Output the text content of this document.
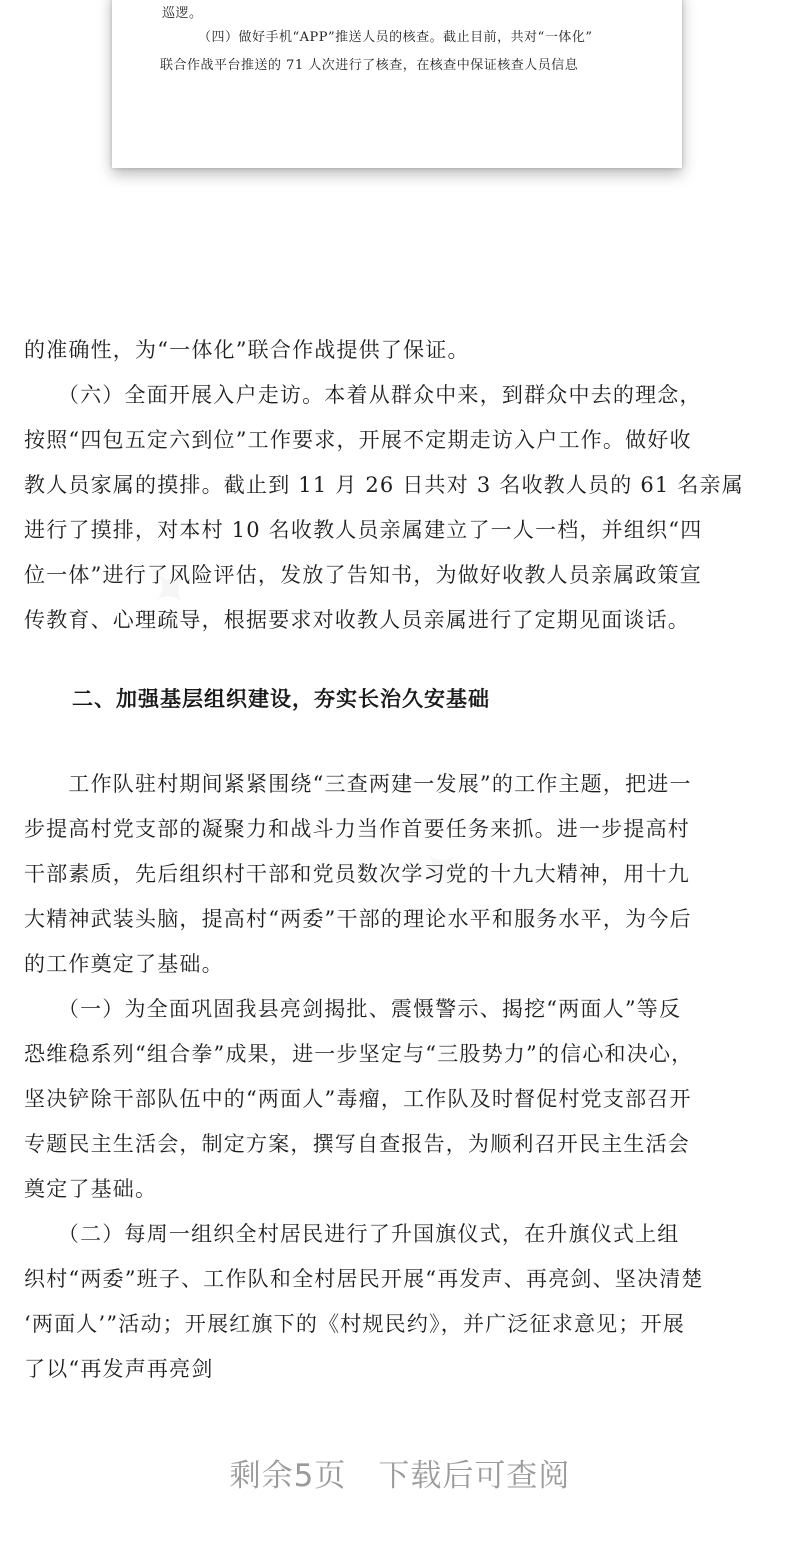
巡逻。
（四）做好手机“APP”推送人员的核查。截止目前，共对“一体化”
联合作战平台推送的 71 人次进行了核查，在核查中保证核查人员信息
的准确性，为“一体化”联合作战提供了保证。
　　（六）全面开展入户走访。本着从群众中来，到群众中去的理念，
按照“四包五定六到位”工作要求，开展不定期走访入户工作。做好收
教人员家属的摸排。截止到 11 月 26 日共对 3 名收教人员的 61 名亲属
进行了摸排，对本村 10 名收教人员亲属建立了一人一档，并组织“四
位一体”进行了风险评估，发放了告知书，为做好收教人员亲属政策宣
传教育、心理疏导，根据要求对收教人员亲属进行了定期见面谈话。
二、加强基层组织建设，夯实长治久安基础
　　工作队驻村期间紧紧围绕“三查两建一发展”的工作主题，把进一
步提高村党支部的凝聚力和战斗力当作首要任务来抓。进一步提高村
干部素质，先后组织村干部和党员数次学习党的十九大精神，用十九
大精神武装头脑，提高村“两委”干部的理论水平和服务水平，为今后
的工作奠定了基础。
　　（一）为全面巩固我县亮剑揭批、震慑警示、揭挖“两面人”等反
恐维稳系列“组合拳”成果，进一步坚定与“三股势力”的信心和决心，
坚决铲除干部队伍中的“两面人”毒瘤，工作队及时督促村党支部召开
专题民主生活会，制定方案，撰写自查报告，为顺利召开民主生活会
奠定了基础。
　　（二）每周一组织全村居民进行了升国旗仪式，在升旗仪式上组
织村“两委”班子、工作队和全村居民开展“再发声、再亮剑、坚决清楚
‘两面人’”活动；开展红旗下的《村规民约》，并广泛征求意见；开展
了以“再发声再亮剑
剩余5页　下载后可查阅
